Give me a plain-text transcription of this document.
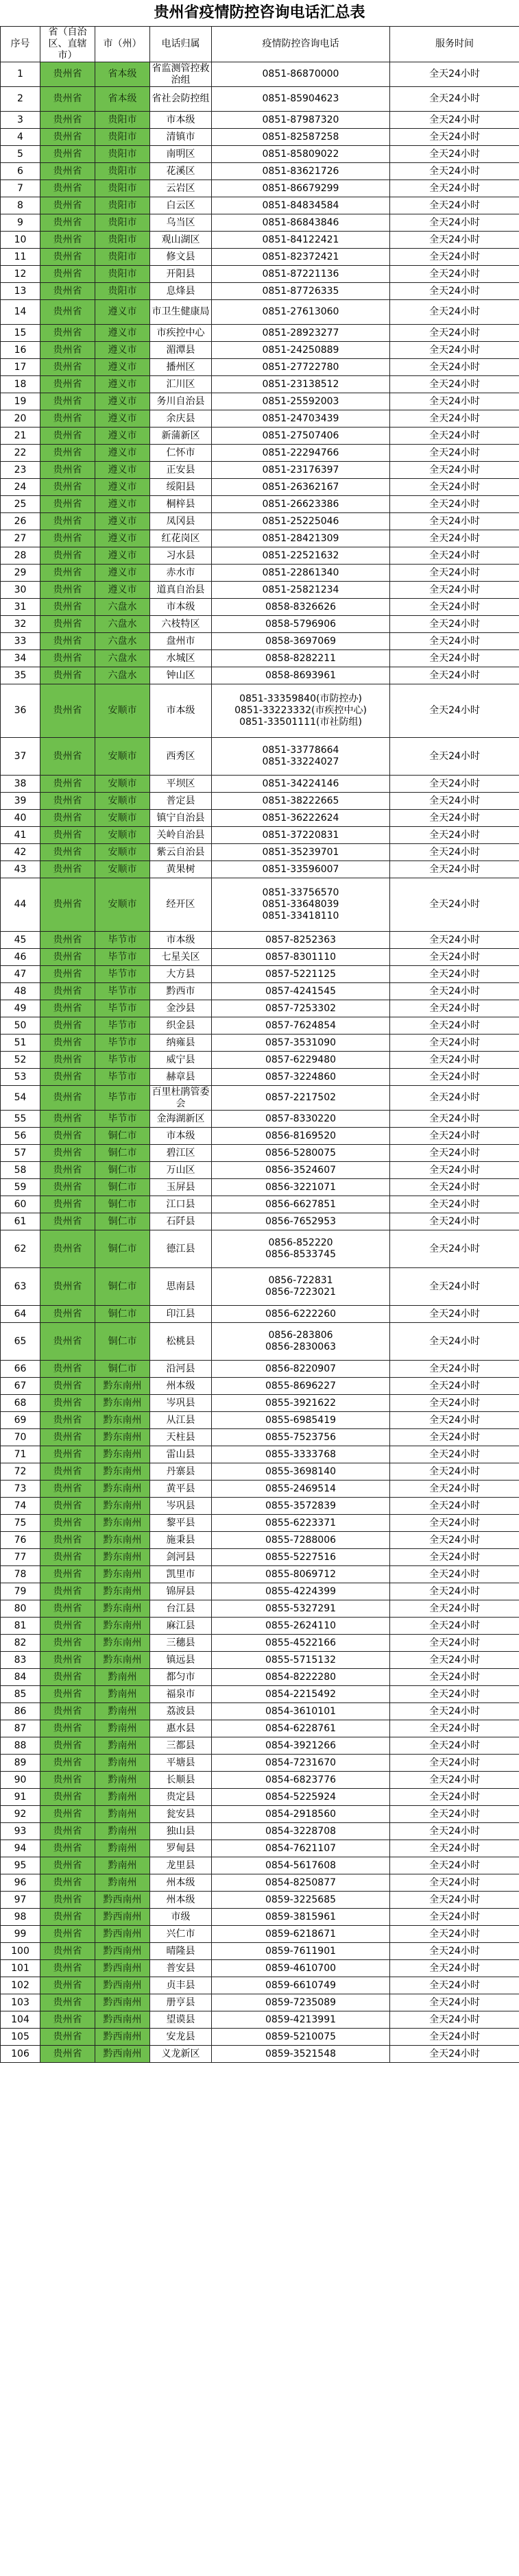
贵州省疫情防控咨询电话汇总表
序号	省（自治区、直辖市）	市（州）	电话归属	疫情防控咨询电话	服务时间
1	贵州省	省本级	省监测管控救治组	0851-86870000	全天24小时
2	贵州省	省本级	省社会防控组	0851-85904623	全天24小时
3	贵州省	贵阳市	市本级	0851-87987320	全天24小时
4	贵州省	贵阳市	清镇市	0851-82587258	全天24小时
5	贵州省	贵阳市	南明区	0851-85809022	全天24小时
6	贵州省	贵阳市	花溪区	0851-83621726	全天24小时
7	贵州省	贵阳市	云岩区	0851-86679299	全天24小时
8	贵州省	贵阳市	白云区	0851-84834584	全天24小时
9	贵州省	贵阳市	乌当区	0851-86843846	全天24小时
10	贵州省	贵阳市	观山湖区	0851-84122421	全天24小时
11	贵州省	贵阳市	修文县	0851-82372421	全天24小时
12	贵州省	贵阳市	开阳县	0851-87221136	全天24小时
13	贵州省	贵阳市	息烽县	0851-87726335	全天24小时
14	贵州省	遵义市	市卫生健康局	0851-27613060	全天24小时
15	贵州省	遵义市	市疾控中心	0851-28923277	全天24小时
16	贵州省	遵义市	湄潭县	0851-24250889	全天24小时
17	贵州省	遵义市	播州区	0851-27722780	全天24小时
18	贵州省	遵义市	汇川区	0851-23138512	全天24小时
19	贵州省	遵义市	务川自治县	0851-25592003	全天24小时
20	贵州省	遵义市	余庆县	0851-24703439	全天24小时
21	贵州省	遵义市	新蒲新区	0851-27507406	全天24小时
22	贵州省	遵义市	仁怀市	0851-22294766	全天24小时
23	贵州省	遵义市	正安县	0851-23176397	全天24小时
24	贵州省	遵义市	绥阳县	0851-26362167	全天24小时
25	贵州省	遵义市	桐梓县	0851-26623386	全天24小时
26	贵州省	遵义市	凤冈县	0851-25225046	全天24小时
27	贵州省	遵义市	红花岗区	0851-28421309	全天24小时
28	贵州省	遵义市	习水县	0851-22521632	全天24小时
29	贵州省	遵义市	赤水市	0851-22861340	全天24小时
30	贵州省	遵义市	道真自治县	0851-25821234	全天24小时
31	贵州省	六盘水	市本级	0858-8326626	全天24小时
32	贵州省	六盘水	六枝特区	0858-5796906	全天24小时
33	贵州省	六盘水	盘州市	0858-3697069	全天24小时
34	贵州省	六盘水	水城区	0858-8282211	全天24小时
35	贵州省	六盘水	钟山区	0858-8693961	全天24小时
36	贵州省	安顺市	市本级	0851-33359840(市防控办)
0851-33223332(市疾控中心)
0851-33501111(市社防组)	全天24小时
37	贵州省	安顺市	西秀区	0851-33778664
0851-33224027	全天24小时
38	贵州省	安顺市	平坝区	0851-34224146	全天24小时
39	贵州省	安顺市	普定县	0851-38222665	全天24小时
40	贵州省	安顺市	镇宁自治县	0851-36222624	全天24小时
41	贵州省	安顺市	关岭自治县	0851-37220831	全天24小时
42	贵州省	安顺市	紫云自治县	0851-35239701	全天24小时
43	贵州省	安顺市	黄果树	0851-33596007	全天24小时
44	贵州省	安顺市	经开区	0851-33756570
0851-33648039
0851-33418110	全天24小时
45	贵州省	毕节市	市本级	0857-8252363	全天24小时
46	贵州省	毕节市	七星关区	0857-8301110	全天24小时
47	贵州省	毕节市	大方县	0857-5221125	全天24小时
48	贵州省	毕节市	黔西市	0857-4241545	全天24小时
49	贵州省	毕节市	金沙县	0857-7253302	全天24小时
50	贵州省	毕节市	织金县	0857-7624854	全天24小时
51	贵州省	毕节市	纳雍县	0857-3531090	全天24小时
52	贵州省	毕节市	威宁县	0857-6229480	全天24小时
53	贵州省	毕节市	赫章县	0857-3224860	全天24小时
54	贵州省	毕节市	百里杜鹃管委会	0857-2217502	全天24小时
55	贵州省	毕节市	金海湖新区	0857-8330220	全天24小时
56	贵州省	铜仁市	市本级	0856-8169520	全天24小时
57	贵州省	铜仁市	碧江区	0856-5280075	全天24小时
58	贵州省	铜仁市	万山区	0856-3524607	全天24小时
59	贵州省	铜仁市	玉屏县	0856-3221071	全天24小时
60	贵州省	铜仁市	江口县	0856-6627851	全天24小时
61	贵州省	铜仁市	石阡县	0856-7652953	全天24小时
62	贵州省	铜仁市	德江县	0856-852220
0856-8533745	全天24小时
63	贵州省	铜仁市	思南县	0856-722831
0856-7223021	全天24小时
64	贵州省	铜仁市	印江县	0856-6222260	全天24小时
65	贵州省	铜仁市	松桃县	0856-283806
0856-2830063	全天24小时
66	贵州省	铜仁市	沿河县	0856-8220907	全天24小时
67	贵州省	黔东南州	州本级	0855-8696227	全天24小时
68	贵州省	黔东南州	岑巩县	0855-3921622	全天24小时
69	贵州省	黔东南州	从江县	0855-6985419	全天24小时
70	贵州省	黔东南州	天柱县	0855-7523756	全天24小时
71	贵州省	黔东南州	雷山县	0855-3333768	全天24小时
72	贵州省	黔东南州	丹寨县	0855-3698140	全天24小时
73	贵州省	黔东南州	黄平县	0855-2469514	全天24小时
74	贵州省	黔东南州	岑巩县	0855-3572839	全天24小时
75	贵州省	黔东南州	黎平县	0855-6223371	全天24小时
76	贵州省	黔东南州	施秉县	0855-7288006	全天24小时
77	贵州省	黔东南州	剑河县	0855-5227516	全天24小时
78	贵州省	黔东南州	凯里市	0855-8069712	全天24小时
79	贵州省	黔东南州	锦屏县	0855-4224399	全天24小时
80	贵州省	黔东南州	台江县	0855-5327291	全天24小时
81	贵州省	黔东南州	麻江县	0855-2624110	全天24小时
82	贵州省	黔东南州	三穗县	0855-4522166	全天24小时
83	贵州省	黔东南州	镇远县	0855-5715132	全天24小时
84	贵州省	黔南州	都匀市	0854-8222280	全天24小时
85	贵州省	黔南州	福泉市	0854-2215492	全天24小时
86	贵州省	黔南州	荔波县	0854-3610101	全天24小时
87	贵州省	黔南州	惠水县	0854-6228761	全天24小时
88	贵州省	黔南州	三都县	0854-3921266	全天24小时
89	贵州省	黔南州	平塘县	0854-7231670	全天24小时
90	贵州省	黔南州	长顺县	0854-6823776	全天24小时
91	贵州省	黔南州	贵定县	0854-5225924	全天24小时
92	贵州省	黔南州	瓮安县	0854-2918560	全天24小时
93	贵州省	黔南州	独山县	0854-3228708	全天24小时
94	贵州省	黔南州	罗甸县	0854-7621107	全天24小时
95	贵州省	黔南州	龙里县	0854-5617608	全天24小时
96	贵州省	黔南州	州本级	0854-8250877	全天24小时
97	贵州省	黔西南州	州本级	0859-3225685	全天24小时
98	贵州省	黔西南州	市级	0859-3815961	全天24小时
99	贵州省	黔西南州	兴仁市	0859-6218671	全天24小时
100	贵州省	黔西南州	晴隆县	0859-7611901	全天24小时
101	贵州省	黔西南州	普安县	0859-4610700	全天24小时
102	贵州省	黔西南州	贞丰县	0859-6610749	全天24小时
103	贵州省	黔西南州	册亨县	0859-7235089	全天24小时
104	贵州省	黔西南州	望谟县	0859-4213991	全天24小时
105	贵州省	黔西南州	安龙县	0859-5210075	全天24小时
106	贵州省	黔西南州	义龙新区	0859-3521548	全天24小时
